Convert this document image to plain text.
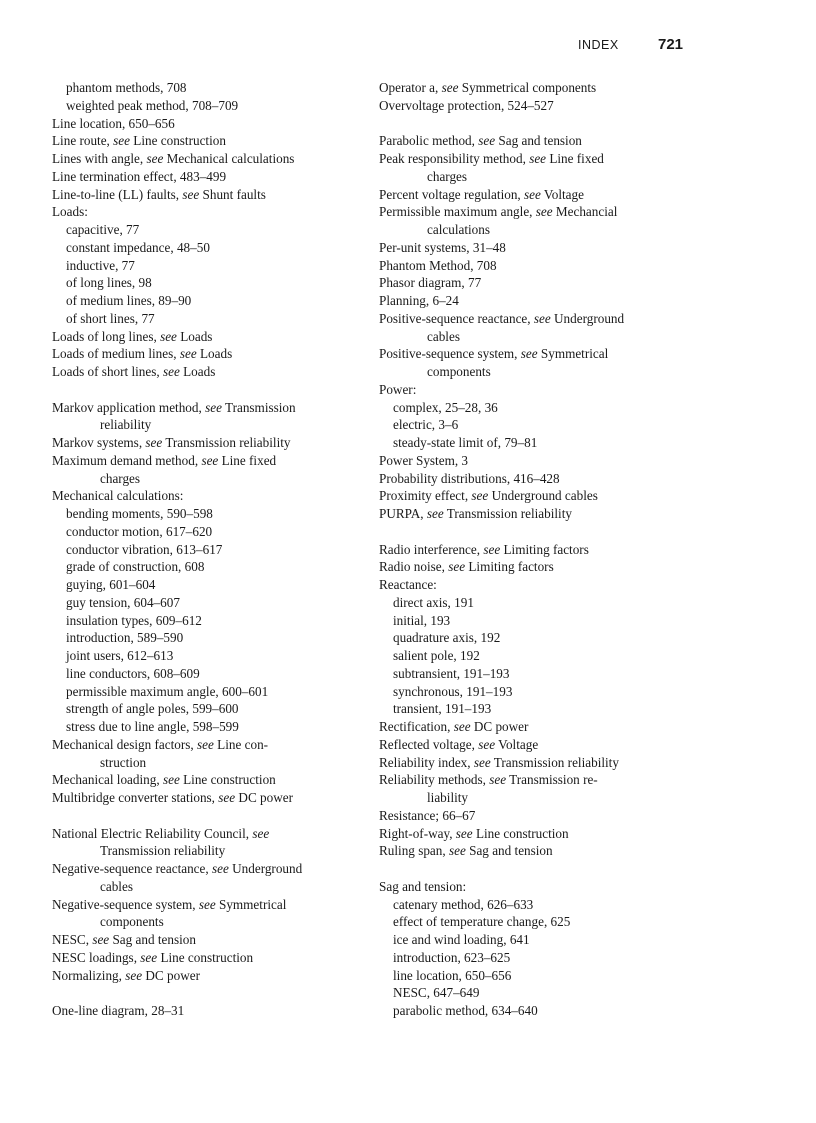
INDEX	721
phantom methods, 708
weighted peak method, 708–709
Line location, 650–656
Line route, see Line construction
Lines with angle, see Mechanical calculations
Line termination effect, 483–499
Line-to-line (LL) faults, see Shunt faults
Loads:
capacitive, 77
constant impedance, 48–50
inductive, 77
of long lines, 98
of medium lines, 89–90
of short lines, 77
Loads of long lines, see Loads
Loads of medium lines, see Loads
Loads of short lines, see Loads
Markov application method, see Transmission
reliability
Markov systems, see Transmission reliability
Maximum demand method, see Line fixed
charges
Mechanical calculations:
bending moments, 590–598
conductor motion, 617–620
conductor vibration, 613–617
grade of construction, 608
guying, 601–604
guy tension, 604–607
insulation types, 609–612
introduction, 589–590
joint users, 612–613
line conductors, 608–609
permissible maximum angle, 600–601
strength of angle poles, 599–600
stress due to line angle, 598–599
Mechanical design factors, see Line con-
struction
Mechanical loading, see Line construction
Multibridge converter stations, see DC power
National Electric Reliability Council, see
Transmission reliability
Negative-sequence reactance, see Underground
cables
Negative-sequence system, see Symmetrical
components
NESC, see Sag and tension
NESC loadings, see Line construction
Normalizing, see DC power
One-line diagram, 28–31
Operator a, see Symmetrical components
Overvoltage protection, 524–527
Parabolic method, see Sag and tension
Peak responsibility method, see Line fixed
charges
Percent voltage regulation, see Voltage
Permissible maximum angle, see Mechancial
calculations
Per-unit systems, 31–48
Phantom Method, 708
Phasor diagram, 77
Planning, 6–24
Positive-sequence reactance, see Underground
cables
Positive-sequence system, see Symmetrical
components
Power:
complex, 25–28, 36
electric, 3–6
steady-state limit of, 79–81
Power System, 3
Probability distributions, 416–428
Proximity effect, see Underground cables
PURPA, see Transmission reliability
Radio interference, see Limiting factors
Radio noise, see Limiting factors
Reactance:
direct axis, 191
initial, 193
quadrature axis, 192
salient pole, 192
subtransient, 191–193
synchronous, 191–193
transient, 191–193
Rectification, see DC power
Reflected voltage, see Voltage
Reliability index, see Transmission reliability
Reliability methods, see Transmission re-
liability
Resistance; 66–67
Right-of-way, see Line construction
Ruling span, see Sag and tension
Sag and tension:
catenary method, 626–633
effect of temperature change, 625
ice and wind loading, 641
introduction, 623–625
line location, 650–656
NESC, 647–649
parabolic method, 634–640
